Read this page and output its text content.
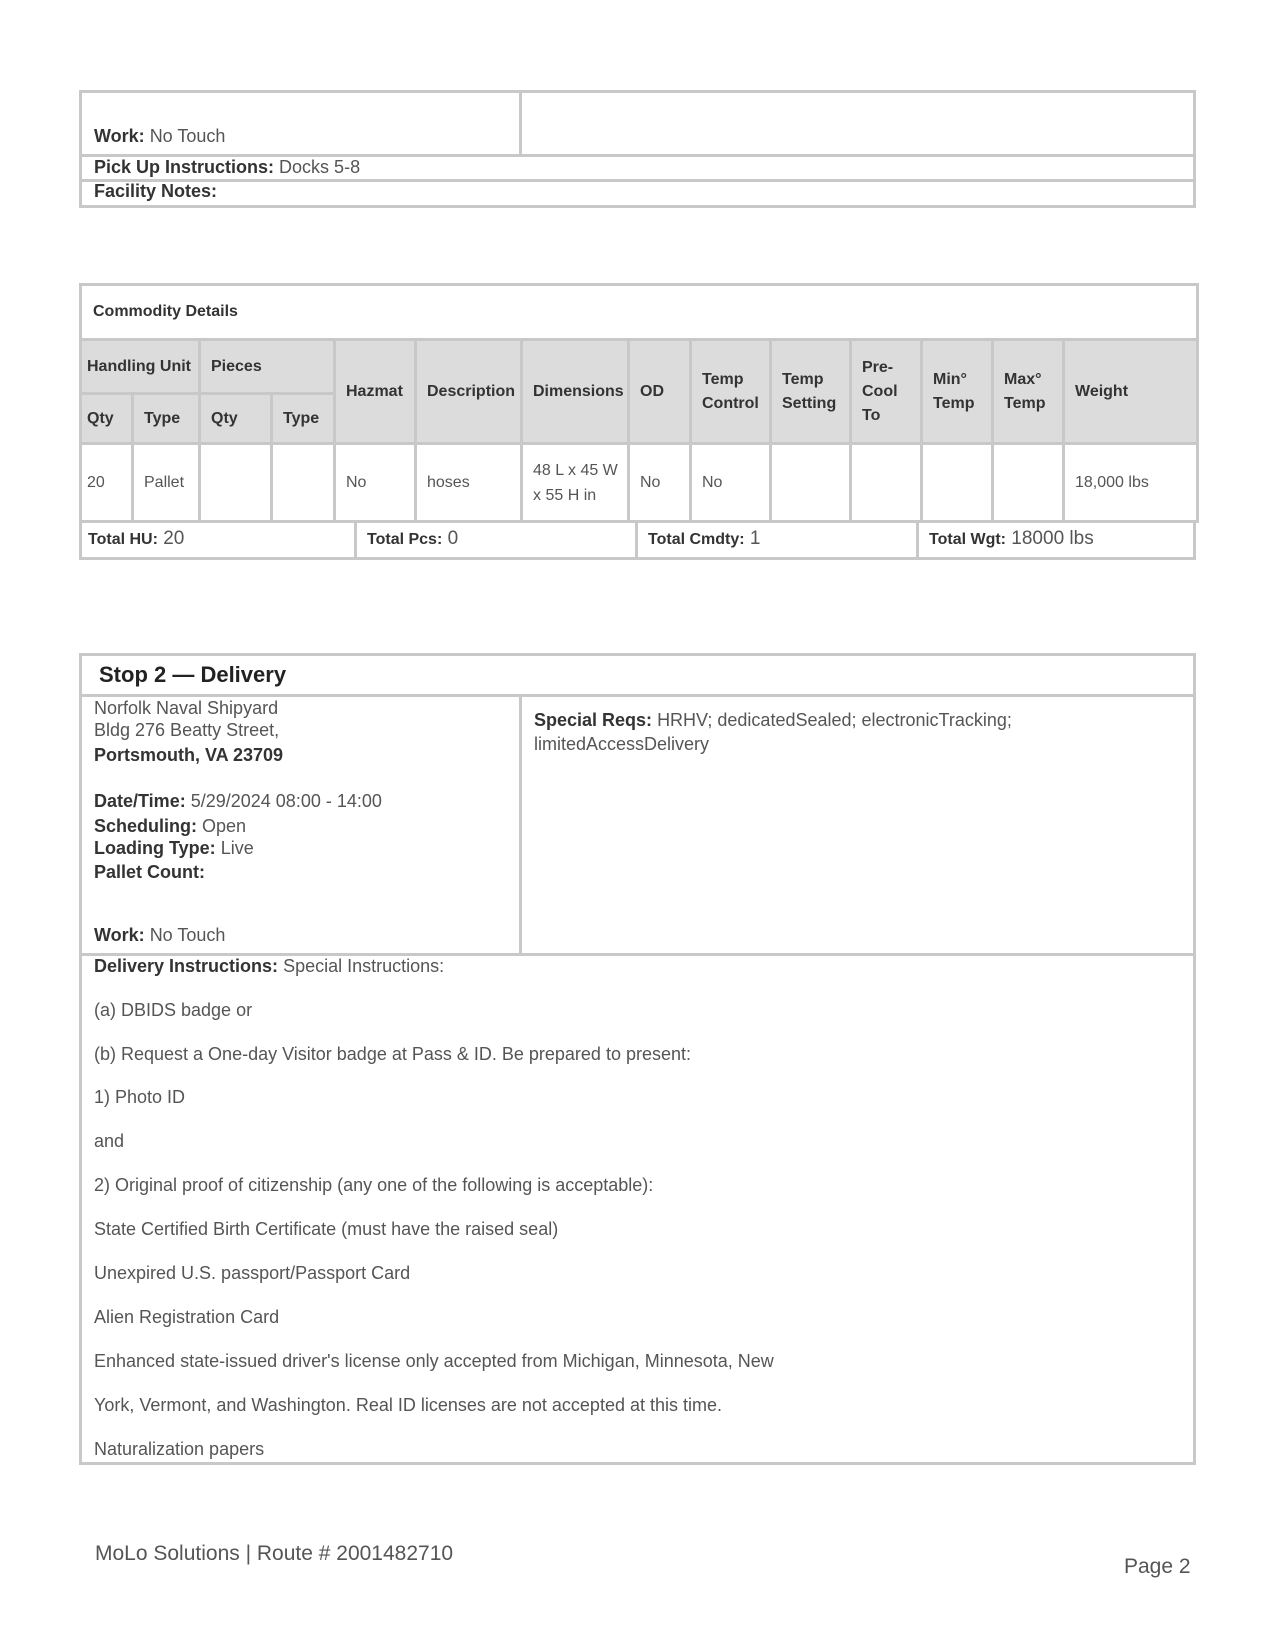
Work: No Touch
Pick Up Instructions: Docks 5-8
Facility Notes:
Commodity Details													
Handling Unit		Pieces		Hazmat	Description	Dimensions	OD	Temp Control	Temp Setting	Pre-Cool To	Min° Temp	Max° Temp	Weight
Qty	Type	Qty	Type										
20	Pallet			No	hoses	48 L x 45 W x 55 H in	No	No					18,000 lbs
Total HU: 20	Total Pcs: 0	Total Cmdty: 1	Total Wgt: 18000 lbs
Stop 2 — Delivery
Norfolk Naval Shipyard
Bldg 276 Beatty Street,
Portsmouth, VA 23709
Date/Time: 5/29/2024 08:00 - 14:00
Scheduling: Open
Loading Type: Live
Pallet Count:
Work: No Touch
Special Reqs: HRHV; dedicatedSealed; electronicTracking;
limitedAccessDelivery
Delivery Instructions: Special Instructions:
(a) DBIDS badge or
(b) Request a One-day Visitor badge at Pass & ID. Be prepared to present:
1) Photo ID
and
2) Original proof of citizenship (any one of the following is acceptable):
State Certified Birth Certificate (must have the raised seal)
Unexpired U.S. passport/Passport Card
Alien Registration Card
Enhanced state-issued driver's license only accepted from Michigan, Minnesota, New
York, Vermont, and Washington. Real ID licenses are not accepted at this time.
Naturalization papers
MoLo Solutions | Route # 2001482710
Page 2
